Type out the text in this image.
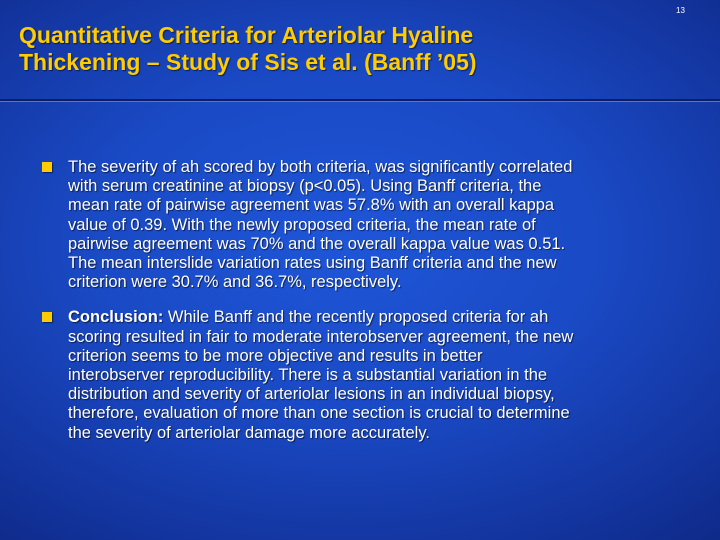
Quantitative Criteria for Arteriolar Hyaline
Thickening – Study of Sis et al. (Banff ’05)
13
The severity of ah scored by both criteria, was significantly correlated
with serum creatinine at biopsy (p<0.05). Using Banff criteria, the
mean rate of pairwise agreement was 57.8% with an overall kappa
value of 0.39. With the newly proposed criteria, the mean rate of
pairwise agreement was 70% and the overall kappa value was 0.51.
The mean interslide variation rates using Banff criteria and the new
criterion were 30.7% and 36.7%, respectively.
Conclusion: While Banff and the recently proposed criteria for ah
scoring resulted in fair to moderate interobserver agreement, the new
criterion seems to be more objective and results in better
interobserver reproducibility. There is a substantial variation in the
distribution and severity of arteriolar lesions in an individual biopsy,
therefore, evaluation of more than one section is crucial to determine
the severity of arteriolar damage more accurately.
